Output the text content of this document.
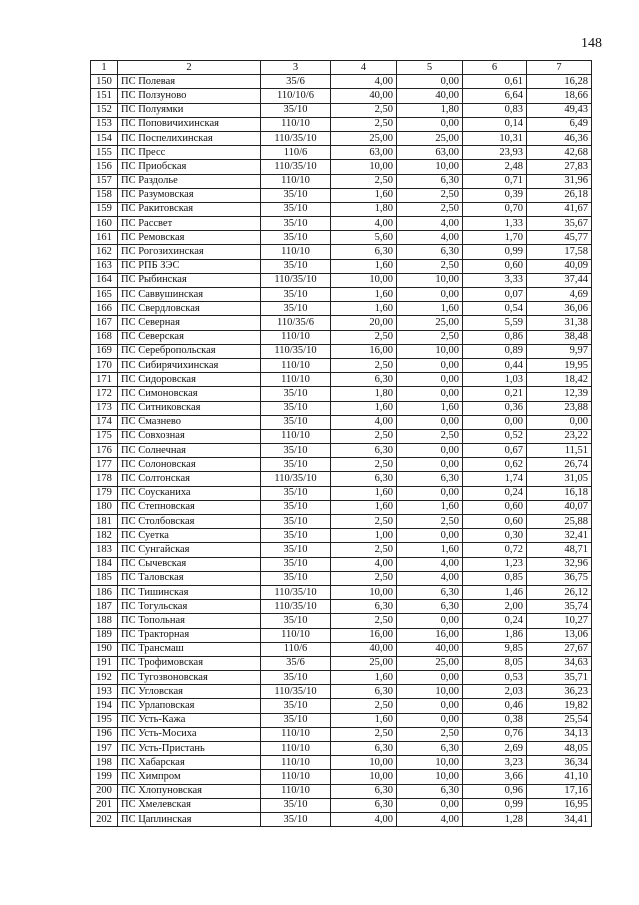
148
1	2	3	4	5	6	7
150	ПС Полевая	35/6	4,00	0,00	0,61	16,28
151	ПС Ползуново	110/10/6	40,00	40,00	6,64	18,66
152	ПС Полуямки	35/10	2,50	1,80	0,83	49,43
153	ПС Поповичихинская	110/10	2,50	0,00	0,14	6,49
154	ПС Поспелихинская	110/35/10	25,00	25,00	10,31	46,36
155	ПС Пресс	110/6	63,00	63,00	23,93	42,68
156	ПС Приобская	110/35/10	10,00	10,00	2,48	27,83
157	ПС Раздолье	110/10	2,50	6,30	0,71	31,96
158	ПС Разумовская	35/10	1,60	2,50	0,39	26,18
159	ПС Ракитовская	35/10	1,80	2,50	0,70	41,67
160	ПС Рассвет	35/10	4,00	4,00	1,33	35,67
161	ПС Ремовская	35/10	5,60	4,00	1,70	45,77
162	ПС Рогозихинская	110/10	6,30	6,30	0,99	17,58
163	ПС РПБ ЗЭС	35/10	1,60	2,50	0,60	40,09
164	ПС Рыбинская	110/35/10	10,00	10,00	3,33	37,44
165	ПС Саввушинская	35/10	1,60	0,00	0,07	4,69
166	ПС Свердловская	35/10	1,60	1,60	0,54	36,06
167	ПС Северная	110/35/6	20,00	25,00	5,59	31,38
168	ПС Северская	110/10	2,50	2,50	0,86	38,48
169	ПС Серебропольская	110/35/10	16,00	10,00	0,89	9,97
170	ПС Сибирячихинская	110/10	2,50	0,00	0,44	19,95
171	ПС Сидоровская	110/10	6,30	0,00	1,03	18,42
172	ПС Симоновская	35/10	1,80	0,00	0,21	12,39
173	ПС Ситниковская	35/10	1,60	1,60	0,36	23,88
174	ПС Смазнево	35/10	4,00	0,00	0,00	0,00
175	ПС Совхозная	110/10	2,50	2,50	0,52	23,22
176	ПС Солнечная	35/10	6,30	0,00	0,67	11,51
177	ПС Солоновская	35/10	2,50	0,00	0,62	26,74
178	ПС Солтонская	110/35/10	6,30	6,30	1,74	31,05
179	ПС Соусканиха	35/10	1,60	0,00	0,24	16,18
180	ПС Степновская	35/10	1,60	1,60	0,60	40,07
181	ПС Столбовская	35/10	2,50	2,50	0,60	25,88
182	ПС Суетка	35/10	1,00	0,00	0,30	32,41
183	ПС Сунгайская	35/10	2,50	1,60	0,72	48,71
184	ПС Сычевская	35/10	4,00	4,00	1,23	32,96
185	ПС Таловская	35/10	2,50	4,00	0,85	36,75
186	ПС Тишинская	110/35/10	10,00	6,30	1,46	26,12
187	ПС Тогульская	110/35/10	6,30	6,30	2,00	35,74
188	ПС Топольная	35/10	2,50	0,00	0,24	10,27
189	ПС Тракторная	110/10	16,00	16,00	1,86	13,06
190	ПС Трансмаш	110/6	40,00	40,00	9,85	27,67
191	ПС Трофимовская	35/6	25,00	25,00	8,05	34,63
192	ПС Тугозвоновская	35/10	1,60	0,00	0,53	35,71
193	ПС Угловская	110/35/10	6,30	10,00	2,03	36,23
194	ПС Урлаповская	35/10	2,50	0,00	0,46	19,82
195	ПС Усть-Кажа	35/10	1,60	0,00	0,38	25,54
196	ПС Усть-Мосиха	110/10	2,50	2,50	0,76	34,13
197	ПС Усть-Пристань	110/10	6,30	6,30	2,69	48,05
198	ПС Хабарская	110/10	10,00	10,00	3,23	36,34
199	ПС Химпром	110/10	10,00	10,00	3,66	41,10
200	ПС Хлопуновская	110/10	6,30	6,30	0,96	17,16
201	ПС Хмелевская	35/10	6,30	0,00	0,99	16,95
202	ПС Цаплинская	35/10	4,00	4,00	1,28	34,41
